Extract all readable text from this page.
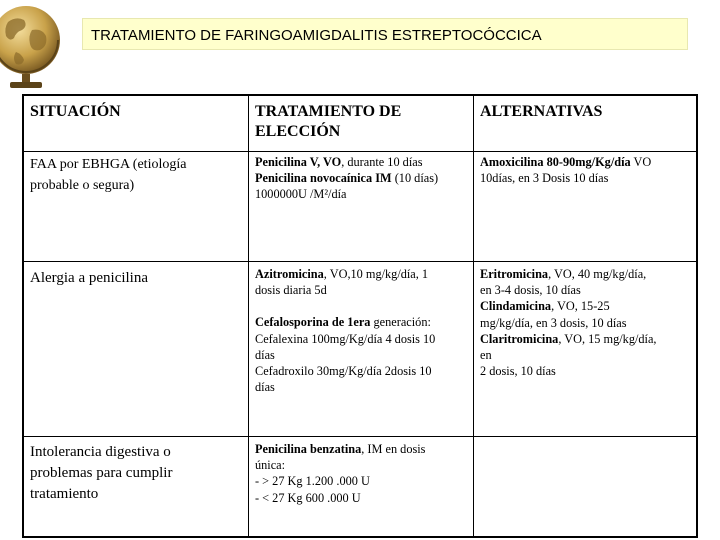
TRATAMIENTO DE FARINGOAMIGDALITIS ESTREPTOCÓCCICA
SITUACIÓN	TRATAMIENTO DE
ELECCIÓN
ALTERNATIVAS
FAA por EBHGA (etiología
probable o segura)
Penicilina V, VO, durante 10 días
Penicilina novocaínica IM (10 días)
1000000U /M²/día
Amoxicilina 80-90mg/Kg/día VO
10días, en 3 Dosis 10 días
Alergia a penicilina	Azitromicina, VO,10 mg/kg/día, 1
dosis diaria 5d
Cefalosporina de 1era generación:
Cefalexina 100mg/Kg/día 4 dosis 10
días
Cefadroxilo 30mg/Kg/día 2dosis 10
días
Eritromicina, VO, 40 mg/kg/día,
en 3-4 dosis, 10 días
Clindamicina, VO, 15-25
mg/kg/día, en 3 dosis, 10 días
Claritromicina, VO, 15 mg/kg/día,
en
2 dosis, 10 días
Intolerancia digestiva o
problemas para cumplir
tratamiento
Penicilina benzatina, IM en dosis
única:
- > 27 Kg 1.200 .000 U
- < 27 Kg 600 .000 U
